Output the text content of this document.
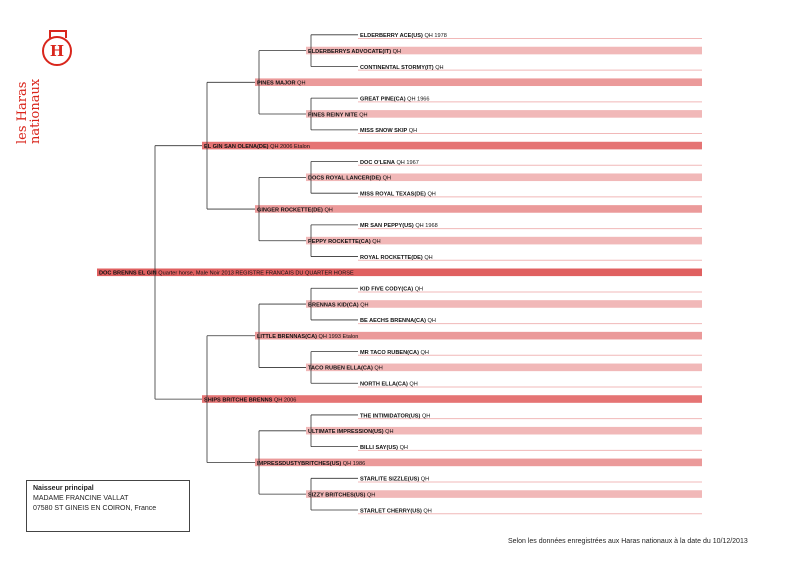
DOC BRENNS EL GIN Quarter horse, Male Noir 2013 REGISTRE FRANCAIS DU QUARTER HORSE
EL GIN SAN OLENA(DE) QH 2006 Etalon
PINES MAJOR QH
ELDERBERRYS ADVOCATE(IT) QH
ELDERBERRY ACE(US) QH 1978
CONTINENTAL STORMY(IT) QH
PINES REINY NITE QH
GREAT PINE(CA) QH 1966
MISS SNOW SKIP QH
GINGER ROCKETTE(DE) QH
DOCS ROYAL LANCER(DE) QH
DOC O'LENA QH 1967
MISS ROYAL TEXAS(DE) QH
PEPPY ROCKETTE(CA) QH
MR SAN PEPPY(US) QH 1968
ROYAL ROCKETTE(DE) QH
SHIPS BRITCHE BRENNS QH 2006
LITTLE BRENNAS(CA) QH 1993 Etalon
BRENNAS KID(CA) QH
KID FIVE CODY(CA) QH
BE AECHS BRENNA(CA) QH
TACO RUBEN ELLA(CA) QH
MR TACO RUBEN(CA) QH
NORTH ELLA(CA) QH
IMPRESSDUSTYBRITCHES(US) QH 1986
ULTIMATE IMPRESSION(US) QH
THE INTIMIDATOR(US) QH
BILLI SAY(US) QH
SIZZY BRITCHES(US) QH
STARLITE SIZZLE(US) QH
STARLET CHERRY(US) QH
H
les Haras
nationaux
Naisseur principal
MADAME FRANCINE VALLAT
07580 ST GINEIS EN COIRON, France
Selon les données enregistrées aux Haras nationaux à la date du 10/12/2013
